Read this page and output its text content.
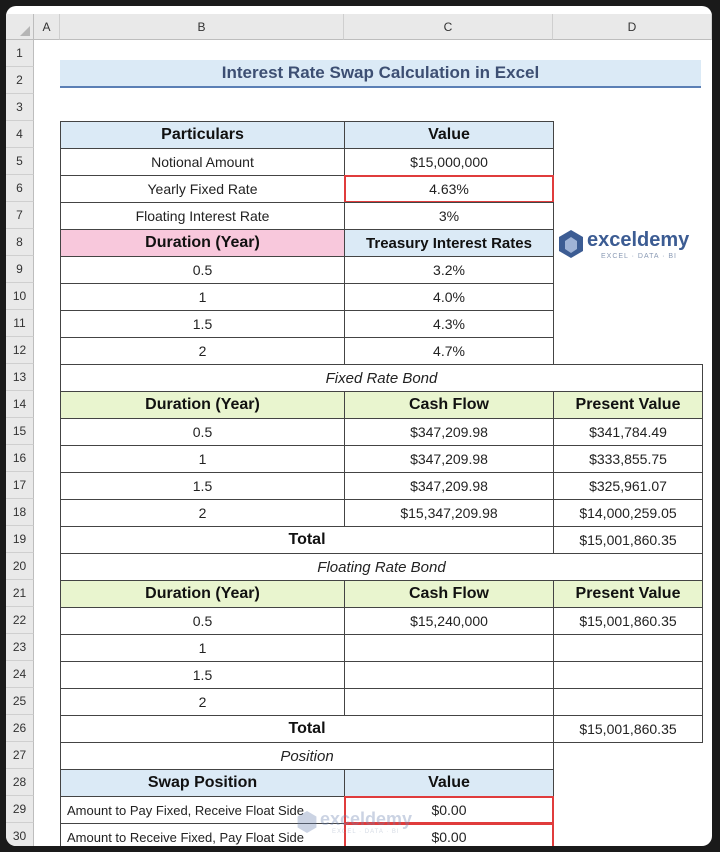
A	B	C	D
1
2
3
4
5
6
7
8
9
10
11
12
13
14
15
16
17
18
19
20
21
22
23
24
25
26
27
28
29
30
Interest Rate Swap Calculation in Excel
Particulars	Value
Notional Amount	$15,000,000
Yearly Fixed Rate	4.63%
Floating Interest Rate	3%
Duration (Year)	Treasury Interest Rates
0.5	3.2%
1	4.0%
1.5	4.3%
2	4.7%
exceldemy
EXCEL · DATA · BI
Fixed Rate Bond
Duration (Year)	Cash Flow	Present Value
0.5	$347,209.98	$341,784.49
1	$347,209.98	$333,855.75
1.5	$347,209.98	$325,961.07
2	$15,347,209.98	$14,000,259.05
Total	$15,001,860.35
Floating Rate Bond
Duration (Year)	Cash Flow	Present Value
0.5	$15,240,000	$15,001,860.35
1
1.5
2
Total	$15,001,860.35
Position
Swap Position	Value
Amount to Pay Fixed, Receive Float Side	$0.00
Amount to Receive Fixed, Pay Float Side	$0.00
exceldemy
EXCEL · DATA · BI
